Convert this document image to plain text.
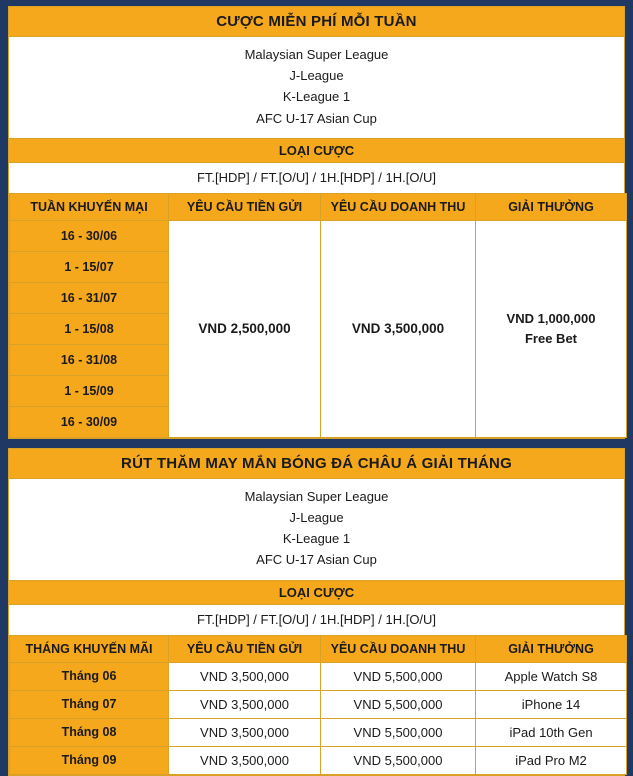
CƯỢC MIỄN PHÍ MỖI TUẦN
Malaysian Super League
J-League
K-League 1
AFC U-17 Asian Cup
LOẠI CƯỢC
FT.[HDP] / FT.[O/U] / 1H.[HDP] / 1H.[O/U]
TUẦN KHUYẾN MẠI	YÊU CẦU TIỀN GỬI	YÊU CẦU DOANH THU	GIẢI THƯỞNG
16 - 30/06	VND 2,500,000	VND 3,500,000	VND 1,000,000
Free Bet

1 - 15/07			
16 - 31/07			
1 - 15/08			
16 - 31/08			
1 - 15/09			
16 - 30/09			
RÚT THĂM MAY MẮN BÓNG ĐÁ CHÂU Á GIẢI THÁNG
Malaysian Super League
J-League
K-League 1
AFC U-17 Asian Cup
LOẠI CƯỢC
FT.[HDP] / FT.[O/U] / 1H.[HDP] / 1H.[O/U]
THÁNG KHUYẾN MÃI	YÊU CẦU TIỀN GỬI	YÊU CẦU DOANH THU	GIẢI THƯỞNG
Tháng 06	VND 3,500,000	VND 5,500,000	Apple Watch S8
Tháng 07	VND 3,500,000	VND 5,500,000	iPhone 14
Tháng 08	VND 3,500,000	VND 5,500,000	iPad 10th Gen
Tháng 09	VND 3,500,000	VND 5,500,000	iPad Pro M2
